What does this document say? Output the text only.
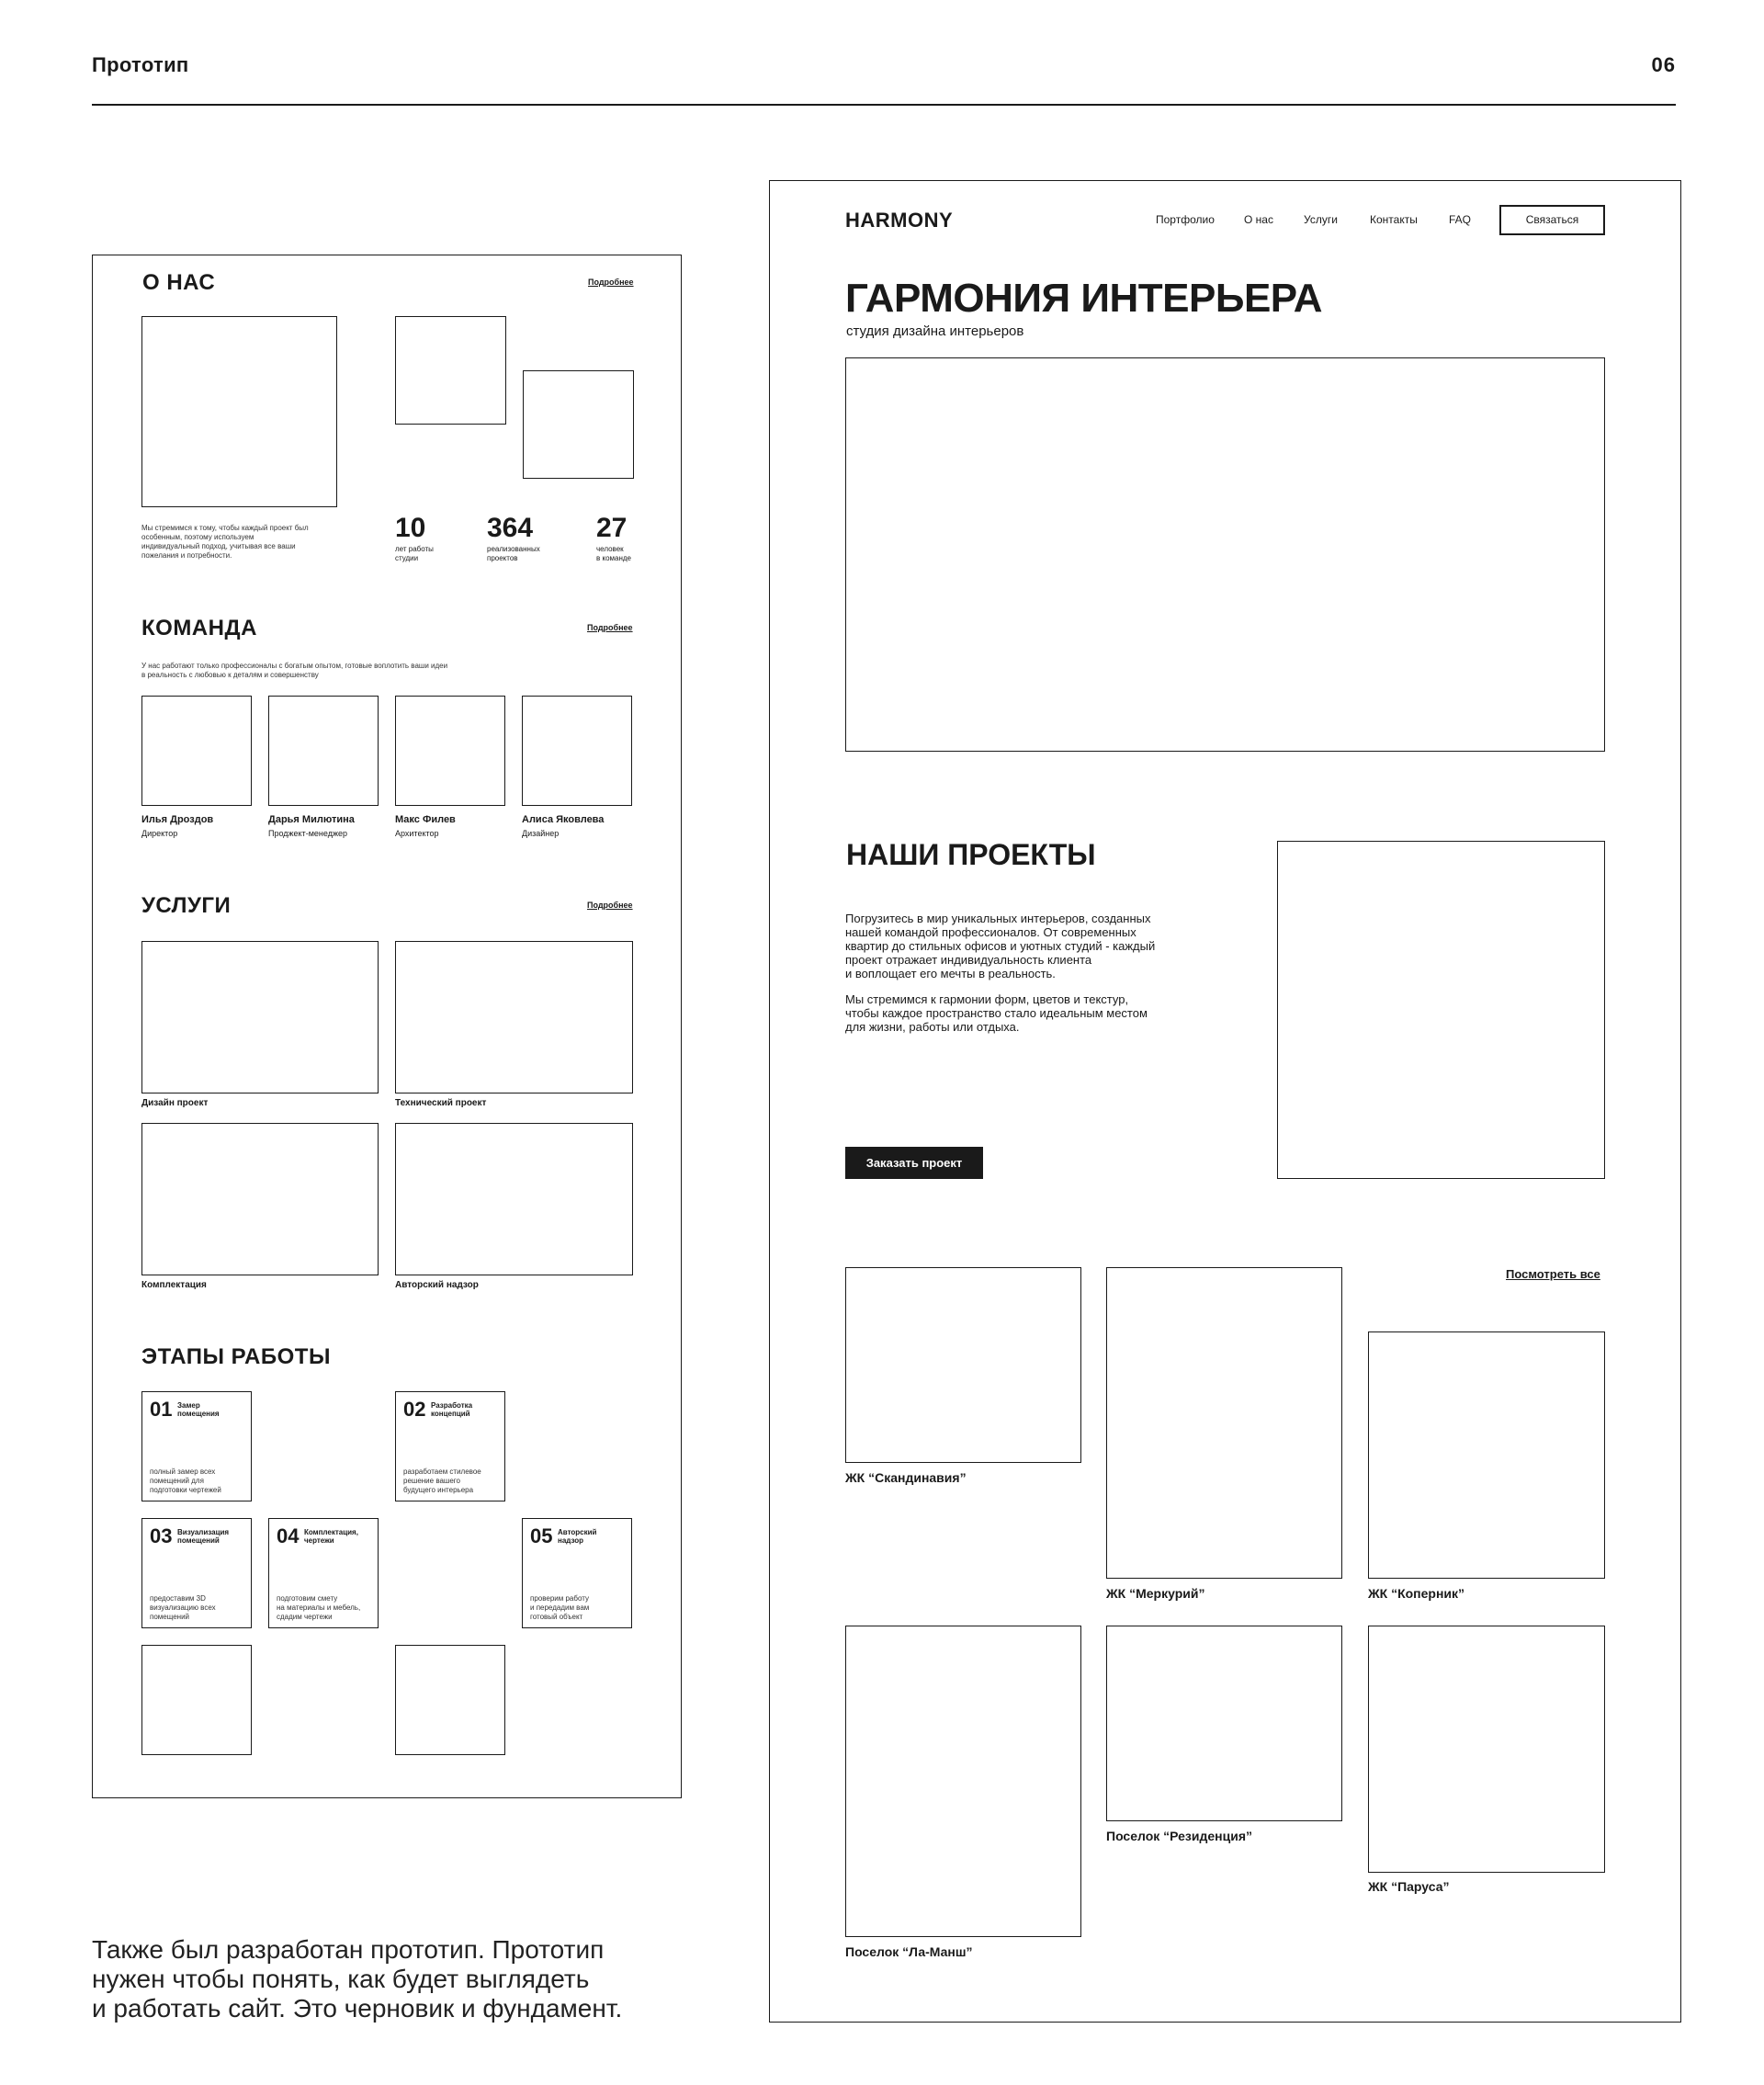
Прототип	06
О НАС	Подробнее
Мы стремимся к тому, чтобы каждый проект был
особенным, поэтому используем
индивидуальный подход, учитывая все ваши
пожелания и потребности.
10
лет работы
студии
364
реализованных
проектов
27
человек
в команде
КОМАНДА	Подробнее
У нас работают только профессионалы с богатым опытом, готовые воплотить ваши идеи
в реальность с любовью к деталям и совершенству
Илья Дроздов
Директор
Дарья Милютина
Проджект-менеджер
Макс Филев
Архитектор
Алиса Яковлева
Дизайнер
УСЛУГИ	Подробнее
Дизайн проект	Технический проект
Комплектация	Авторский надзор
ЭТАПЫ РАБОТЫ
01 Замер
помещения
полный замер всех
помещений для
подготовки чертежей
02 Разработка
концепций
разработаем стилевое
решение вашего
будущего интерьера
03 Визуализация
помещений
предоставим 3D
визуализацию всех
помещений
04 Комплектация,
чертежи
подготовим смету
на материалы и мебель,
сдадим чертежи
05 Авторский
надзор
проверим работу
и передадим вам
готовый объект
Также был разработан прототип. Прототип
нужен чтобы понять, как будет выглядеть
и работать сайт. Это черновик и фундамент.
HARMONY	Портфолио	О нас	Услуги	Контакты	FAQ	Связаться
ГАРМОНИЯ ИНТЕРЬЕРА
студия дизайна интерьеров
НАШИ ПРОЕКТЫ
Погрузитесь в мир уникальных интерьеров, созданных
нашей командой профессионалов. От современных
квартир до стильных офисов и уютных студий - каждый
проект отражает индивидуальность клиента
и воплощает его мечты в реальность.
Мы стремимся к гармонии форм, цветов и текстур,
чтобы каждое пространство стало идеальным местом
для жизни, работы или отдыха.
Заказать проект
Посмотреть все
ЖК “Скандинавия”
ЖК “Меркурий”	ЖК “Коперник”
Поселок “Ла-Манш”
Поселок “Резиденция”
ЖК “Паруса”
